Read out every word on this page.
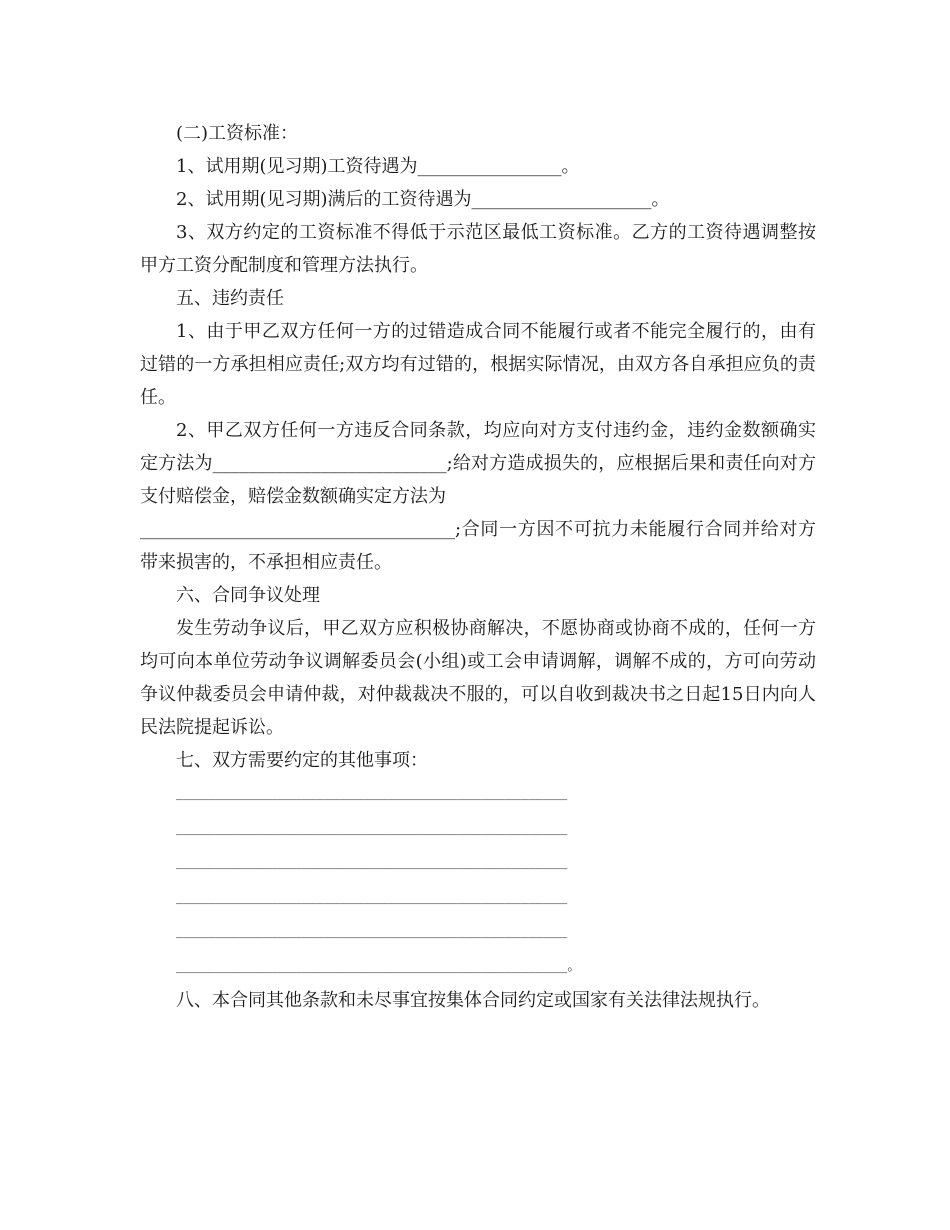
(二)工资标准：

1、试用期(见习期)工资待遇为________________。

2、试用期(见习期)满后的工资待遇为____________________。

3、双方约定的工资标准不得低于示范区最低工资标准。乙方的工资待遇调整按甲方工资分配制度和管理方法执行。

五、违约责任

1、由于甲乙双方任何一方的过错造成合同不能履行或者不能完全履行的，由有过错的一方承担相应责任;双方均有过错的，根据实际情况，由双方各自承担应负的责任。

2、甲乙双方任何一方违反合同条款，均应向对方支付违约金，违约金数额确实定方法为__________________________;给对方造成损失的，应根据后果和责任向对方支付赔偿金，赔偿金数额确实定方法为

___________________________________;合同一方因不可抗力未能履行合同并给对方带来损害的，不承担相应责任。

六、合同争议处理

发生劳动争议后，甲乙双方应积极协商解决，不愿协商或协商不成的，任何一方均可向本单位劳动争议调解委员会(小组)或工会申请调解，调解不成的，方可向劳动争议仲裁委员会申请仲裁，对仲裁裁决不服的，可以自收到裁决书之日起15日内向人民法院提起诉讼。

七、双方需要约定的其他事项：

__________________________________________________
__________________________________________________
__________________________________________________
__________________________________________________
__________________________________________________
__________________________________________________。

八、本合同其他条款和未尽事宜按集体合同约定或国家有关法律法规执行。
